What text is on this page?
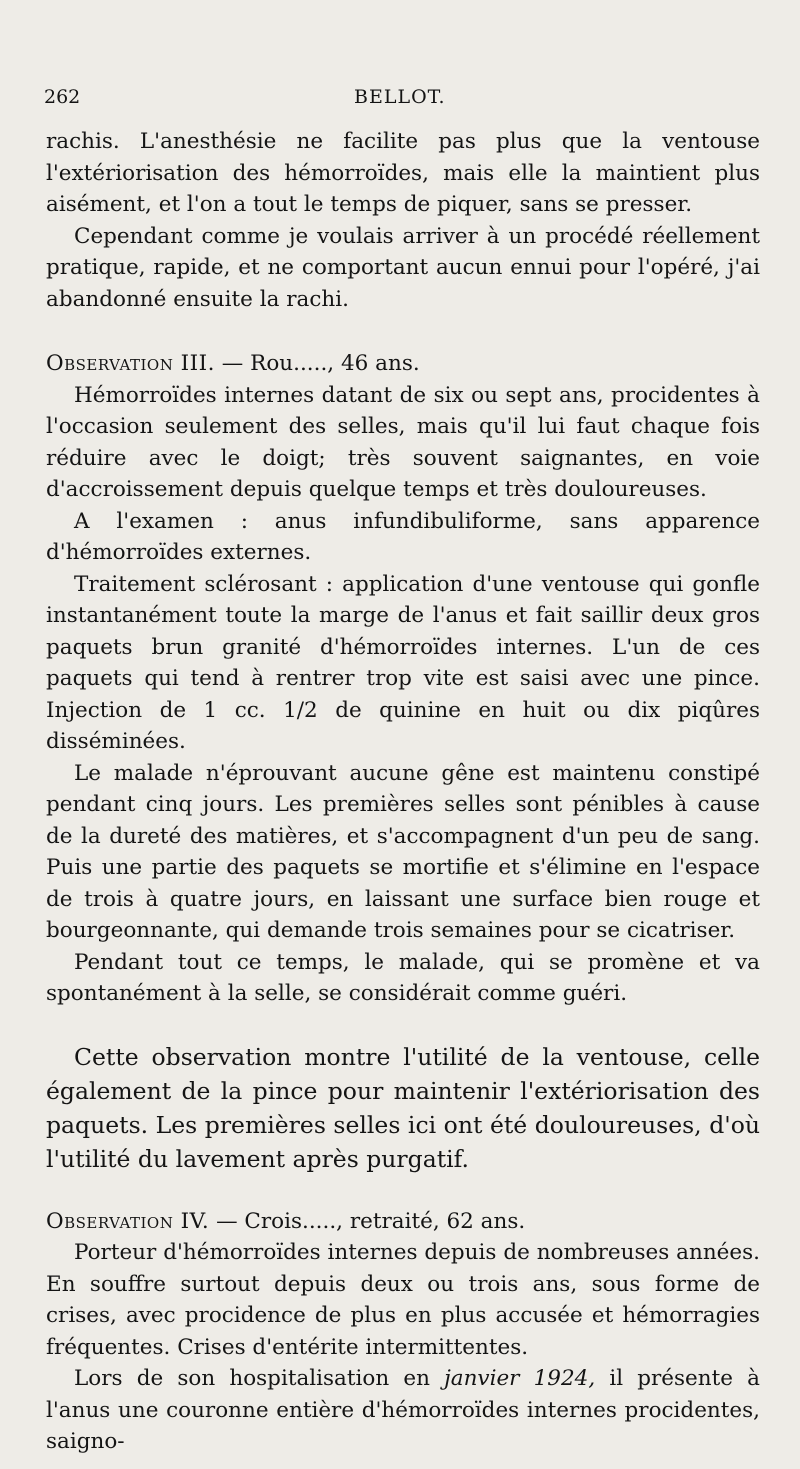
262	BELLOT.

rachis. L'anesthésie ne facilite pas plus que la ventouse l'extériorisation des hémorroïdes, mais elle la maintient plus aisément, et l'on a tout le temps de piquer, sans se presser.

Cependant comme je voulais arriver à un procédé réellement pratique, rapide, et ne comportant aucun ennui pour l'opéré, j'ai abandonné ensuite la rachi.

Observation III. — Rou....., 46 ans.

Hémorroïdes internes datant de six ou sept ans, procidentes à l'occasion seulement des selles, mais qu'il lui faut chaque fois réduire avec le doigt; très souvent saignantes, en voie d'accroissement depuis quelque temps et très douloureuses.

A l'examen : anus infundibuliforme, sans apparence d'hémorroïdes externes.

Traitement sclérosant : application d'une ventouse qui gonfle instantanément toute la marge de l'anus et fait saillir deux gros paquets brun granité d'hémorroïdes internes. L'un de ces paquets qui tend à rentrer trop vite est saisi avec une pince. Injection de 1 cc. 1/2 de quinine en huit ou dix piqûres disséminées.

Le malade n'éprouvant aucune gêne est maintenu constipé pendant cinq jours. Les premières selles sont pénibles à cause de la dureté des matières, et s'accompagnent d'un peu de sang. Puis une partie des paquets se mortifie et s'élimine en l'espace de trois à quatre jours, en laissant une surface bien rouge et bourgeonnante, qui demande trois semaines pour se cicatriser.

Pendant tout ce temps, le malade, qui se promène et va spontanément à la selle, se considérait comme guéri.

Cette observation montre l'utilité de la ventouse, celle également de la pince pour maintenir l'extériorisation des paquets. Les premières selles ici ont été douloureuses, d'où l'utilité du lavement après purgatif.

Observation IV. — Crois....., retraité, 62 ans.

Porteur d'hémorroïdes internes depuis de nombreuses années. En souffre surtout depuis deux ou trois ans, sous forme de crises, avec procidence de plus en plus accusée et hémorragies fréquentes. Crises d'entérite intermittentes.

Lors de son hospitalisation en janvier 1924, il présente à l'anus une couronne entière d'hémorroïdes internes procidentes, saigno-
